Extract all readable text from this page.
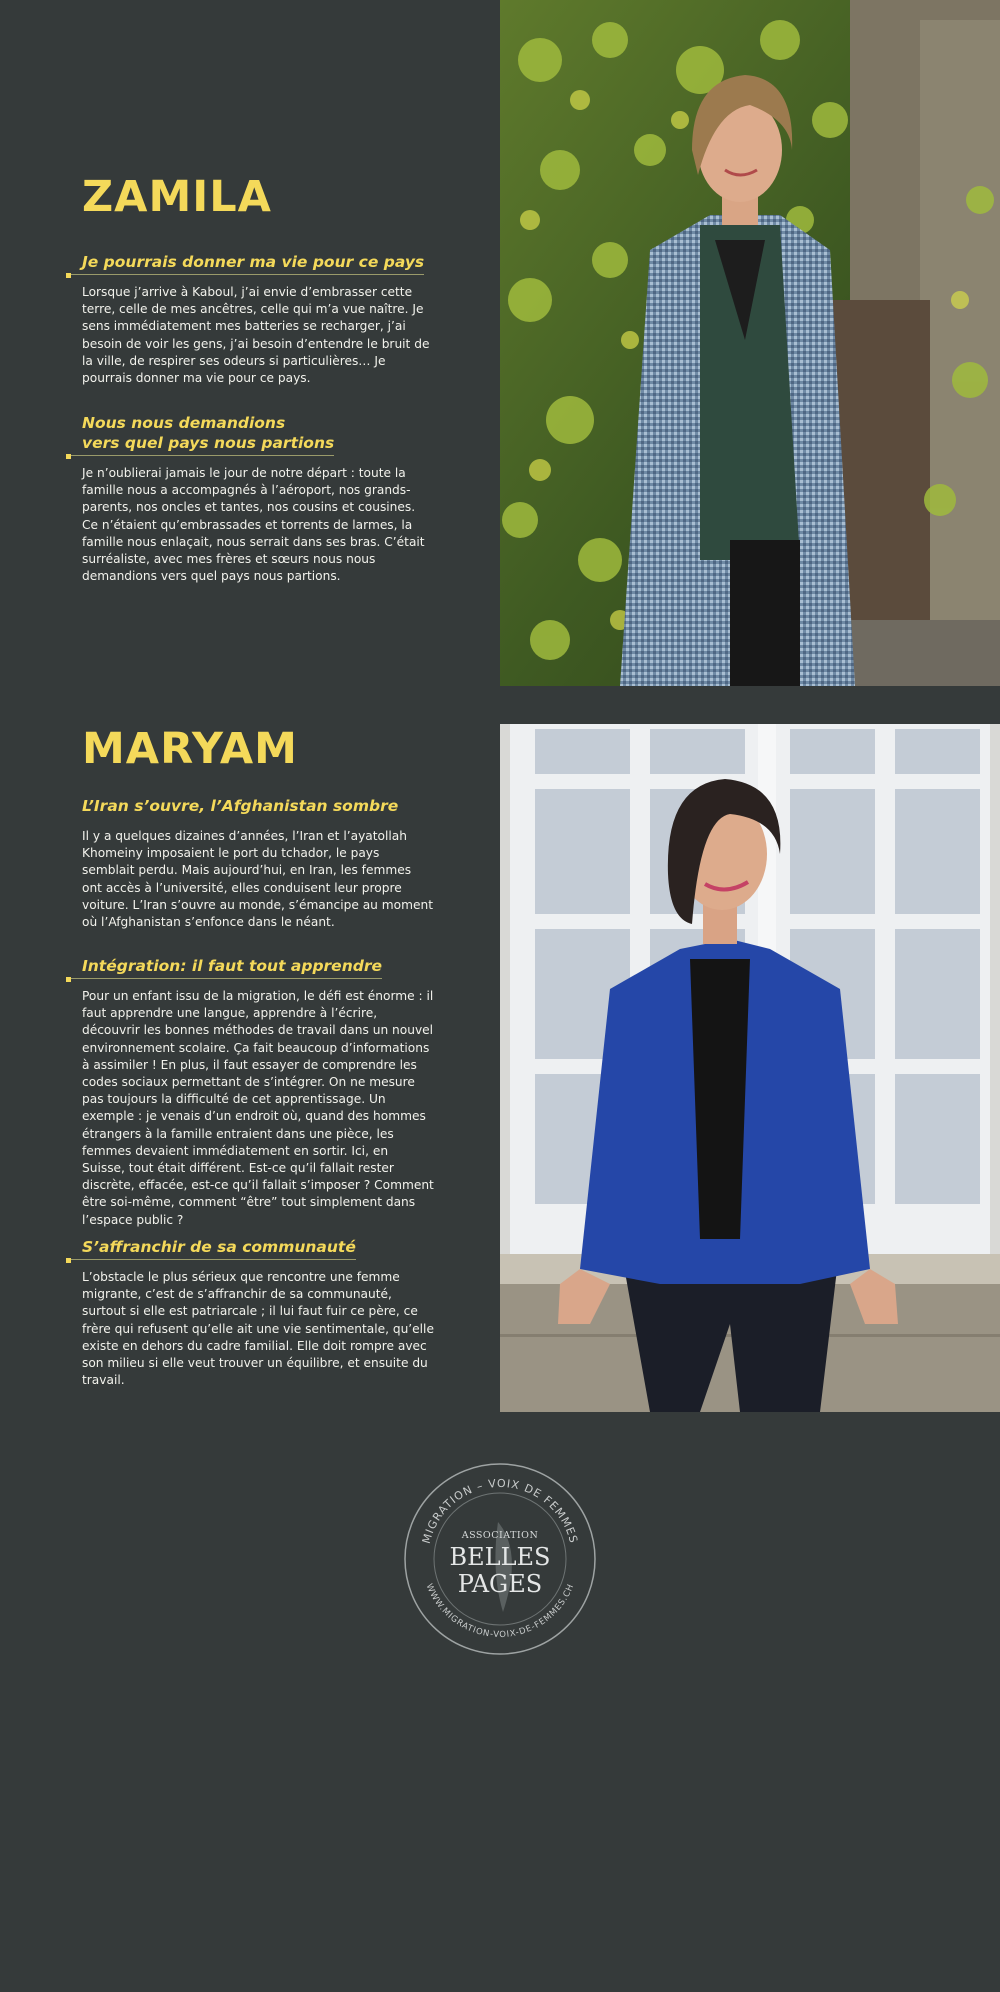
ZAMILA
Je pourrais donner ma vie pour ce pays

Lorsque j’arrive à Kaboul, j’ai envie d’embrasser cette terre, celle de mes ancêtres, celle qui m’a vue naître. Je sens immédiatement mes batteries se recharger, j’ai besoin de voir les gens, j’ai besoin d’entendre le bruit de la ville, de respirer ses odeurs si particulières… Je pourrais donner ma vie pour ce pays.

Nous nous demandions
vers quel pays nous partions

Je n’oublierai jamais le jour de notre départ : toute la famille nous a accompagnés à l’aéroport, nos grands-parents, nos oncles et tantes, nos cousins et cousines. Ce n’étaient qu’embrassades et torrents de larmes, la famille nous enlaçait, nous serrait dans ses bras. C’était surréaliste, avec mes frères et sœurs nous nous demandions vers quel pays nous partions.

MARYAM
L’Iran s’ouvre, l’Afghanistan sombre

Il y a quelques dizaines d’années, l’Iran et l’ayatollah Khomeiny imposaient le port du tchador, le pays semblait perdu. Mais aujourd’hui, en Iran, les femmes ont accès à l’université, elles conduisent leur propre voiture. L’Iran s’ouvre au monde, s’émancipe au moment où l’Afghanistan s’enfonce dans le néant.

Intégration: il faut tout apprendre

Pour un enfant issu de la migration, le défi est énorme : il faut apprendre une langue, apprendre à l’écrire, découvrir les bonnes méthodes de travail dans un nouvel environnement scolaire. Ça fait beaucoup d’informations à assimiler ! En plus, il faut essayer de comprendre les codes sociaux permettant de s’intégrer. On ne mesure pas toujours la difficulté de cet apprentissage. Un exemple : je venais d’un endroit où, quand des hommes étrangers à la famille entraient dans une pièce, les femmes devaient immédiatement en sortir. Ici, en Suisse, tout était différent. Est-ce qu’il fallait rester discrète, effacée, est-ce qu’il fallait s’imposer ? Comment être soi-même, comment “être” tout simplement dans l’espace public ?

S’affranchir de sa communauté

L’obstacle le plus sérieux que rencontre une femme migrante, c’est de s’affranchir de sa communauté, surtout si elle est patriarcale ; il lui faut fuir ce père, ce frère qui refusent qu’elle ait une vie sentimentale, qu’elle existe en dehors du cadre familial. Elle doit rompre avec son milieu si elle veut trouver un équilibre, et ensuite du travail.

MIGRATION – VOIX DE FEMMES
WWW.MIGRATION-VOIX-DE-FEMMES.CH
ASSOCIATION
BELLES
PAGES
